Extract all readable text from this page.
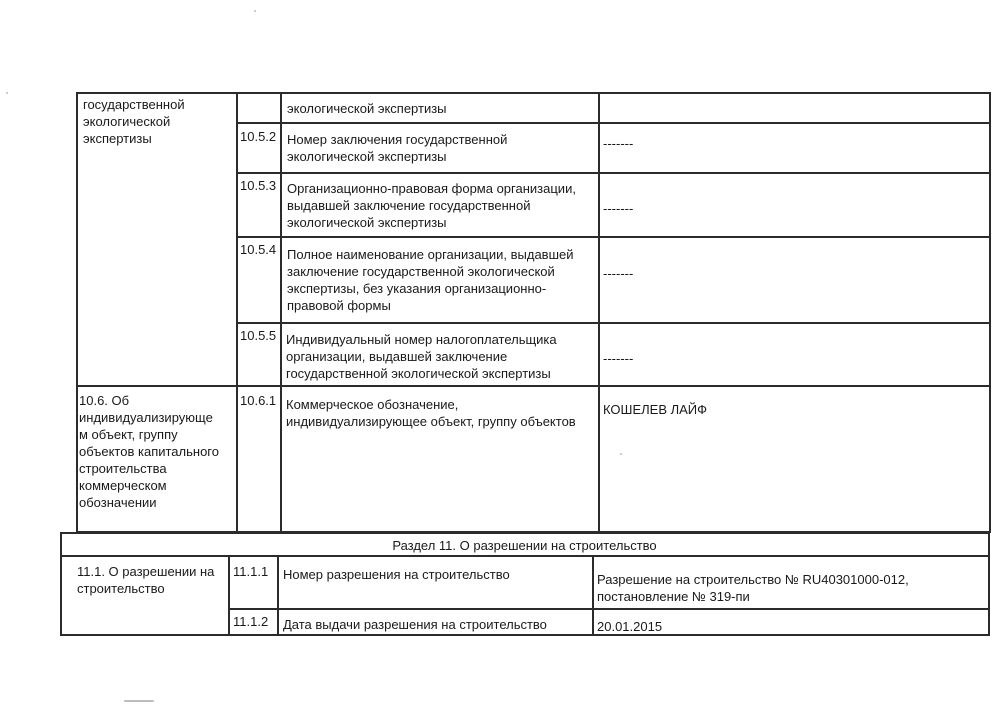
государственной
экологической
экспертизы
экологической экспертизы
10.5.2 Номер заключения государственной
экологической экспертизы
-------
10.5.3 Организационно-правовая форма организации,
выдавшей заключение государственной
экологической экспертизы
-------
10.5.4 Полное наименование организации, выдавшей
заключение государственной экологической
экспертизы, без указания организационно-
правовой формы
-------
10.5.5 Индивидуальный номер налогоплательщика
организации, выдавшей заключение
государственной экологической экспертизы
-------
10.6. Об
индивидуализирующе
м объект, группу
объектов капитального
строительства
коммерческом
обозначении
10.6.1 Коммерческое обозначение,
индивидуализирующее объект, группу объектов
КОШЕЛЕВ ЛАЙФ
Раздел 11. О разрешении на строительство
11.1. О разрешении на
строительство
11.1.1 Номер разрешения на строительство	Разрешение на строительство № RU40301000-012,
постановление № 319-пи
11.1.2 Дата выдачи разрешения на строительство	20.01.2015
